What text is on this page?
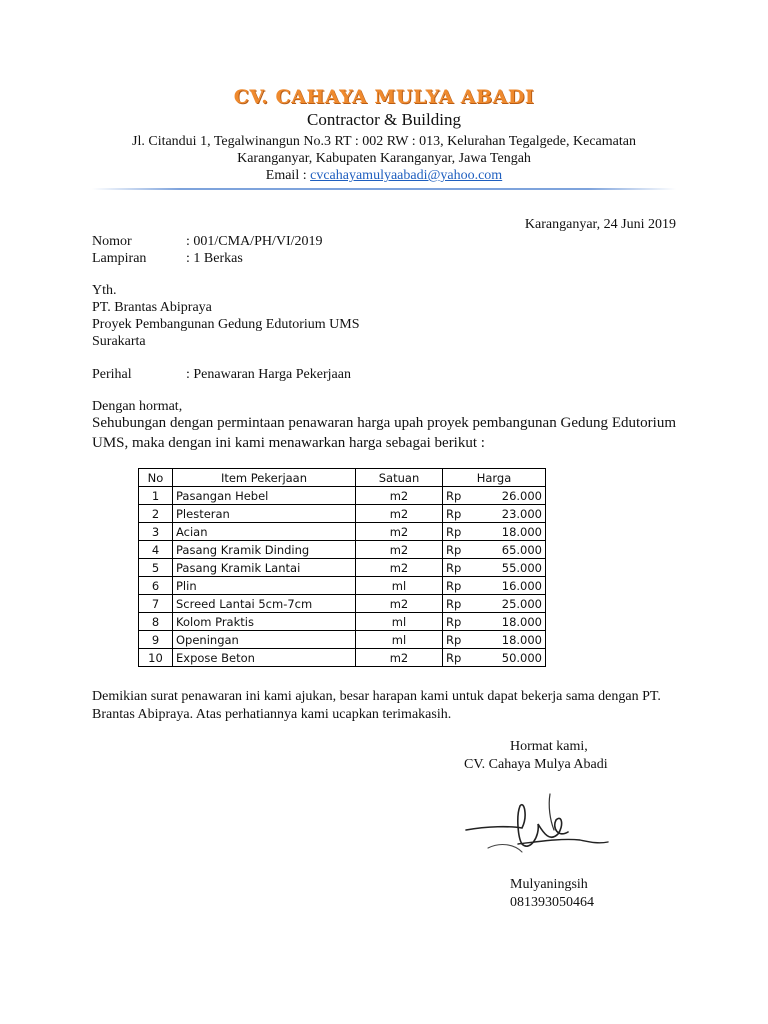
CV. CAHAYA MULYA ABADI
Contractor & Building
Jl. Citandui 1, Tegalwinangun No.3 RT : 002 RW : 013, Kelurahan Tegalgede, Kecamatan
Karanganyar, Kabupaten Karanganyar, Jawa Tengah
Email : cvcahayamulyaabadi@yahoo.com
Karanganyar, 24 Juni 2019
Nomor	: 001/CMA/PH/VI/2019
Lampiran	: 1 Berkas
Yth.
PT. Brantas Abipraya
Proyek Pembangunan Gedung Edutorium UMS
Surakarta
Perihal	: Penawaran Harga Pekerjaan
Dengan hormat,
Sehubungan dengan permintaan penawaran harga upah proyek pembangunan Gedung Edutorium UMS, maka dengan ini kami menawarkan harga sebagai berikut :
No	Item Pekerjaan	Satuan	Harga	
1	Pasangan Hebel	m2	Rp	26.000
2	Plesteran	m2	Rp	23.000
3	Acian	m2	Rp	18.000
4	Pasang Kramik Dinding	m2	Rp	65.000
5	Pasang Kramik Lantai	m2	Rp	55.000
6	Plin	ml	Rp	16.000
7	Screed Lantai 5cm-7cm	m2	Rp	25.000
8	Kolom Praktis	ml	Rp	18.000
9	Openingan	ml	Rp	18.000
10	Expose Beton	m2	Rp	50.000
Demikian surat penawaran ini kami ajukan, besar harapan kami untuk dapat bekerja sama dengan PT. Brantas Abipraya. Atas perhatiannya kami ucapkan terimakasih.
Hormat kami,
CV. Cahaya Mulya Abadi
Mulyaningsih
081393050464
